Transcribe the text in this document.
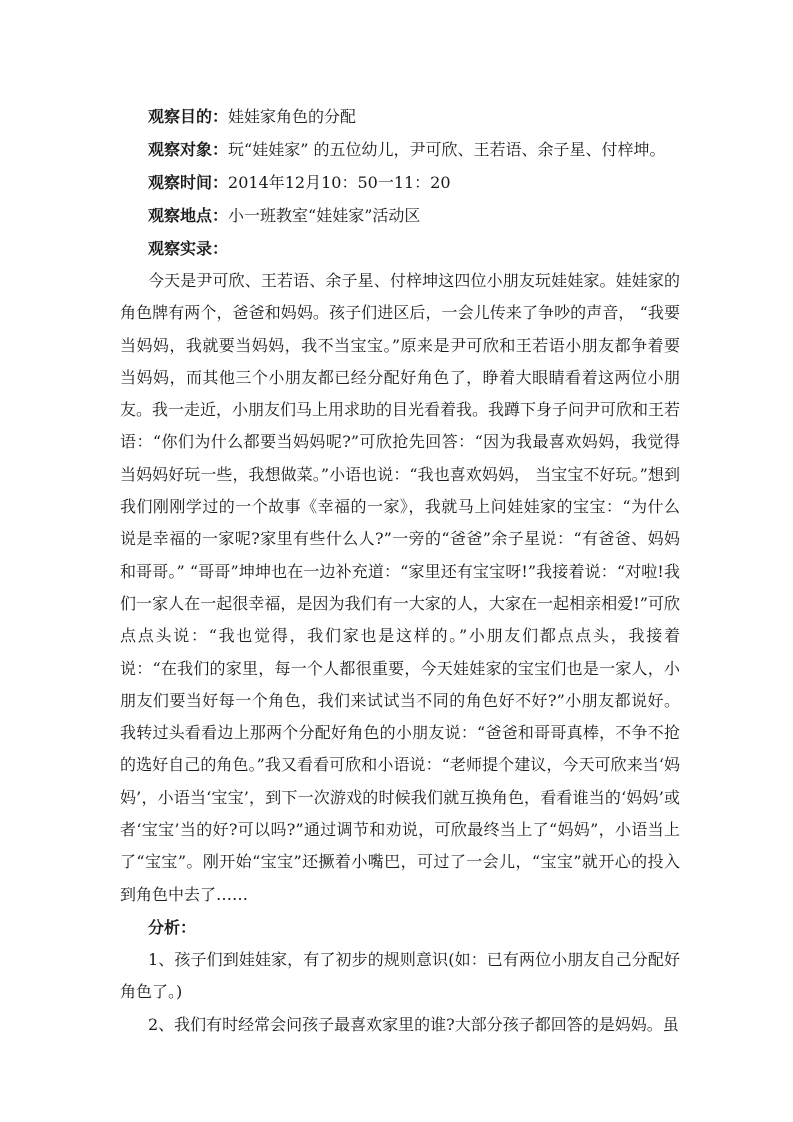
观察目的：娃娃家角色的分配
观察对象：玩“娃娃家” 的五位幼儿，尹可欣、王若语、余子星、付梓坤。
观察时间：2014年12月10：50一11：20
观察地点：小一班教室“娃娃家”活动区
观察实录：

今天是尹可欣、王若语、余子星、付梓坤这四位小朋友玩娃娃家。娃娃家的角色牌有两个，爸爸和妈妈。孩子们进区后，一会儿传来了争吵的声音， “我要当妈妈，我就要当妈妈，我不当宝宝。”原来是尹可欣和王若语小朋友都争着要当妈妈，而其他三个小朋友都已经分配好角色了，睁着大眼睛看着这两位小朋友。我一走近，小朋友们马上用求助的目光看着我。我蹲下身子问尹可欣和王若语：“你们为什么都要当妈妈呢?”可欣抢先回答：“因为我最喜欢妈妈，我觉得当妈妈好玩一些，我想做菜。”小语也说：“我也喜欢妈妈， 当宝宝不好玩。”想到我们刚刚学过的一个故事《幸福的一家》，我就马上问娃娃家的宝宝：“为什么说是幸福的一家呢?家里有些什么人?”一旁的“爸爸”余子星说：“有爸爸、妈妈和哥哥。” “哥哥”坤坤也在一边补充道：“家里还有宝宝呀!”我接着说：“对啦!我们一家人在一起很幸福，是因为我们有一大家的人，大家在一起相亲相爱!”可欣点点头说：“我也觉得，我们家也是这样的。”小朋友们都点点头，我接着说：“在我们的家里，每一个人都很重要，今天娃娃家的宝宝们也是一家人，小朋友们要当好每一个角色，我们来试试当不同的角色好不好?”小朋友都说好。我转过头看看边上那两个分配好角色的小朋友说：“爸爸和哥哥真棒，不争不抢的选好自己的角色。”我又看看可欣和小语说：“老师提个建议，今天可欣来当‘妈妈’，小语当‘宝宝’，到下一次游戏的时候我们就互换角色，看看谁当的‘妈妈’或者‘宝宝’当的好?可以吗?”通过调节和劝说，可欣最终当上了“妈妈”，小语当上了“宝宝”。刚开始“宝宝”还撅着小嘴巴，可过了一会儿，“宝宝”就开心的投入到角色中去了……

分析：

1、孩子们到娃娃家，有了初步的规则意识(如：已有两位小朋友自己分配好角色了。)

2、我们有时经常会问孩子最喜欢家里的谁?大部分孩子都回答的是妈妈。虽
